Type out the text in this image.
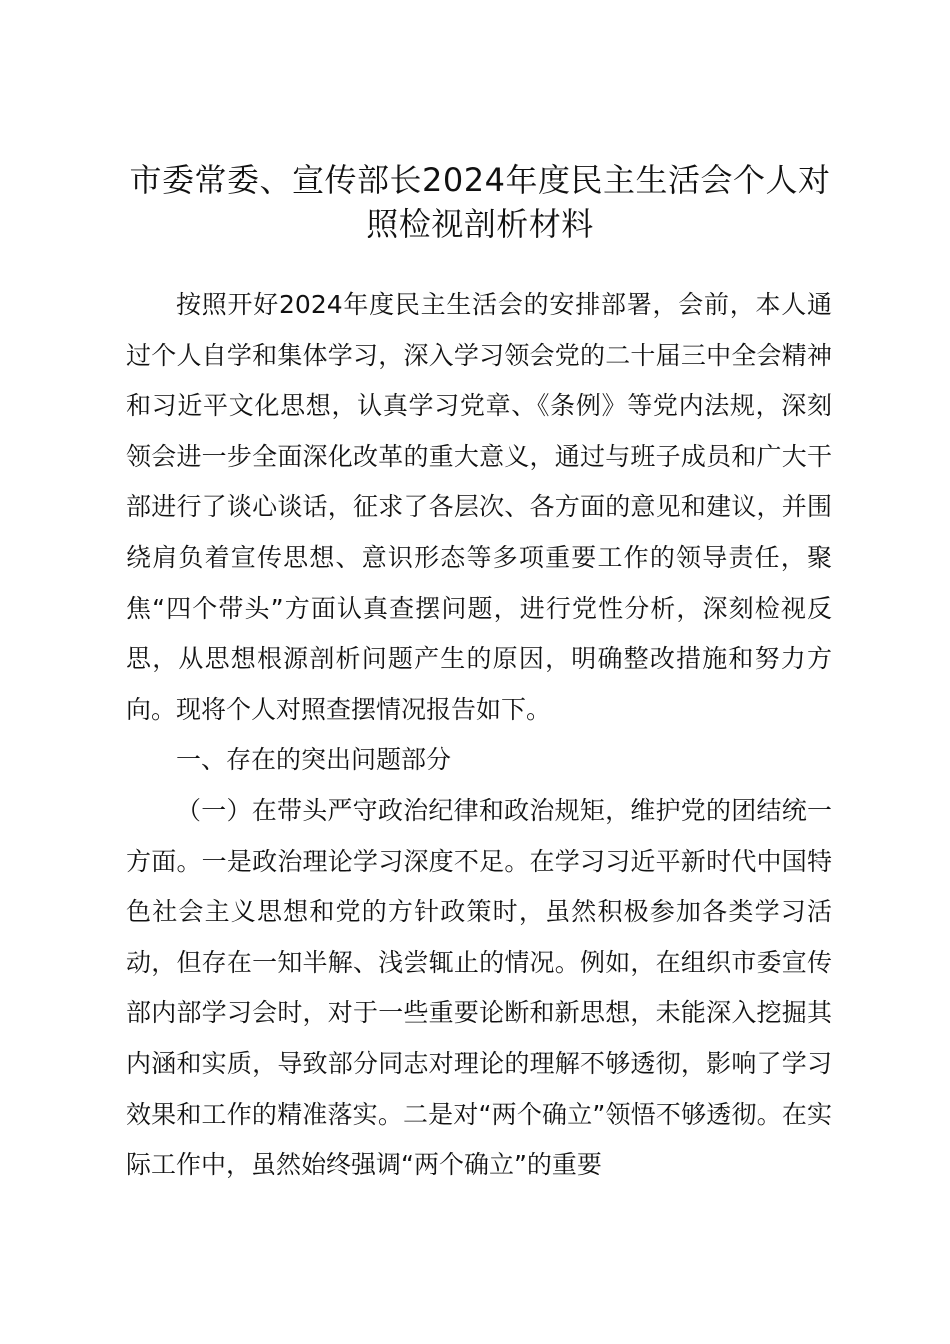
市委常委、宣传部长2024年度民主生活会个人对照检视剖析材料

按照开好2024年度民主生活会的安排部署，会前，本人通过个人自学和集体学习，深入学习领会党的二十届三中全会精神和习近平文化思想，认真学习党章、《条例》等党内法规，深刻领会进一步全面深化改革的重大意义，通过与班子成员和广大干部进行了谈心谈话，征求了各层次、各方面的意见和建议，并围绕肩负着宣传思想、意识形态等多项重要工作的领导责任，聚焦“四个带头”方面认真查摆问题，进行党性分析，深刻检视反思，从思想根源剖析问题产生的原因，明确整改措施和努力方向。现将个人对照查摆情况报告如下。

一、存在的突出问题部分

（一）在带头严守政治纪律和政治规矩，维护党的团结统一方面。一是政治理论学习深度不足。在学习习近平新时代中国特色社会主义思想和党的方针政策时，虽然积极参加各类学习活动，但存在一知半解、浅尝辄止的情况。例如，在组织市委宣传部内部学习会时，对于一些重要论断和新思想，未能深入挖掘其内涵和实质，导致部分同志对理论的理解不够透彻，影响了学习效果和工作的精准落实。二是对“两个确立”领悟不够透彻。在实际工作中，虽然始终强调“两个确立”的重要
